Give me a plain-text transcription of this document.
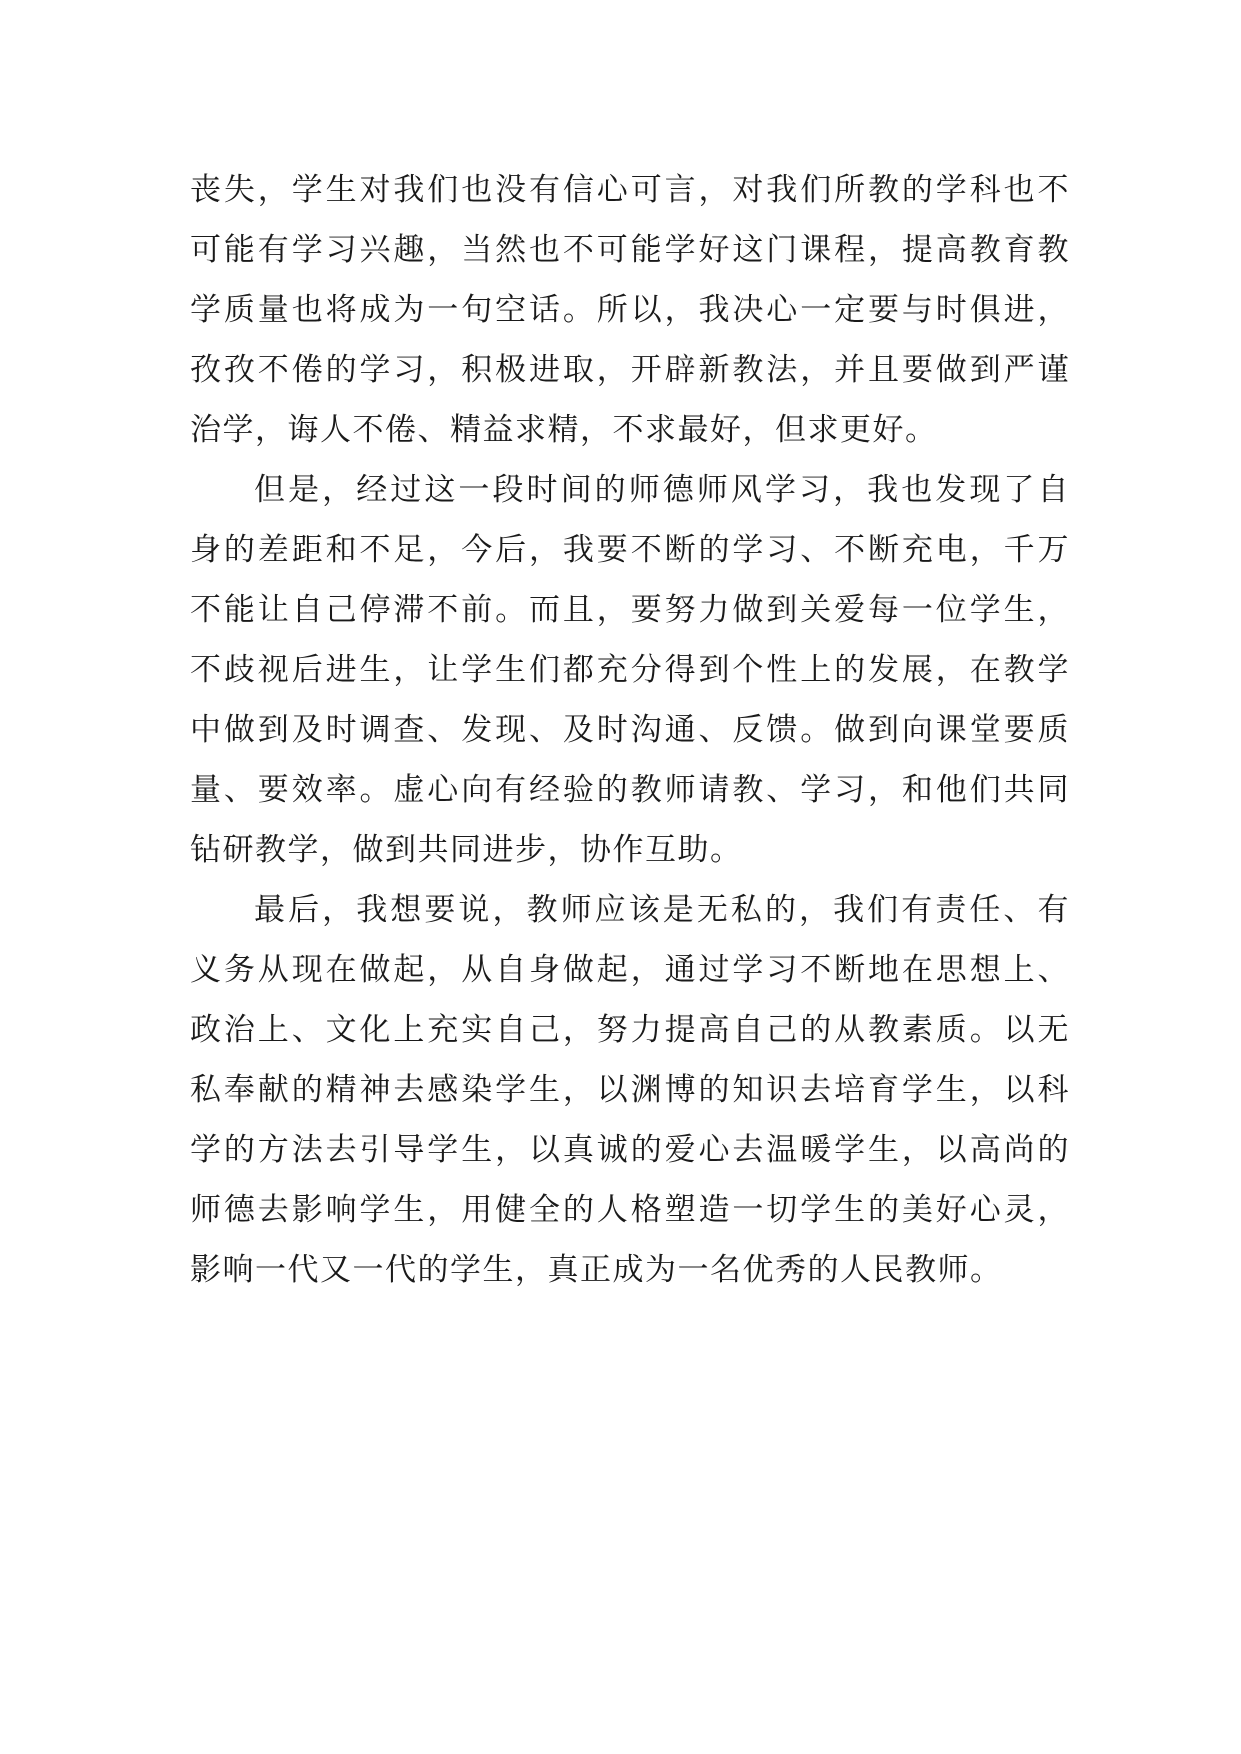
丧失，学生对我们也没有信心可言，对我们所教的学科也不
可能有学习兴趣，当然也不可能学好这门课程，提高教育教
学质量也将成为一句空话。所以，我决心一定要与时俱进，
孜孜不倦的学习，积极进取，开辟新教法，并且要做到严谨
治学，诲人不倦、精益求精，不求最好，但求更好。
但是，经过这一段时间的师德师风学习，我也发现了自
身的差距和不足，今后，我要不断的学习、不断充电，千万
不能让自己停滞不前。而且，要努力做到关爱每一位学生，
不歧视后进生，让学生们都充分得到个性上的发展，在教学
中做到及时调查、发现、及时沟通、反馈。做到向课堂要质
量、要效率。虚心向有经验的教师请教、学习，和他们共同
钻研教学，做到共同进步，协作互助。
最后，我想要说，教师应该是无私的，我们有责任、有
义务从现在做起，从自身做起，通过学习不断地在思想上、
政治上、文化上充实自己，努力提高自己的从教素质。以无
私奉献的精神去感染学生，以渊博的知识去培育学生，以科
学的方法去引导学生，以真诚的爱心去温暖学生，以高尚的
师德去影响学生，用健全的人格塑造一切学生的美好心灵，
影响一代又一代的学生，真正成为一名优秀的人民教师。
